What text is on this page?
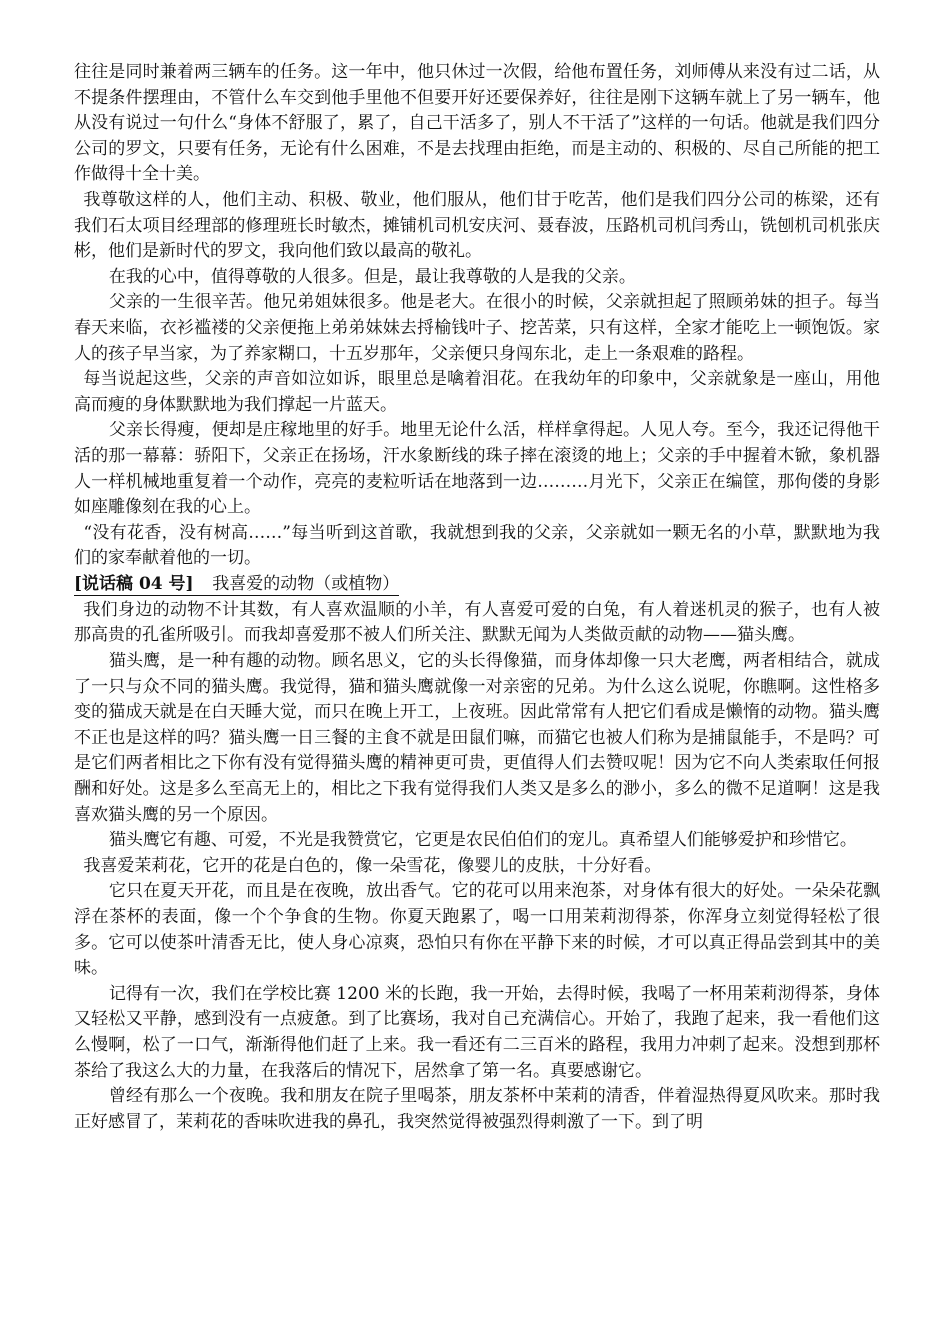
往往是同时兼着两三辆车的任务。这一年中，他只休过一次假，给他布置任务，刘师傅从来没有过二话，从不提条件摆理由，不管什么车交到他手里他不但要开好还要保养好，往往是刚下这辆车就上了另一辆车，他从没有说过一句什么“身体不舒服了，累了，自己干活多了，别人不干活了”这样的一句话。他就是我们四分公司的罗文，只要有任务，无论有什么困难，不是去找理由拒绝，而是主动的、积极的、尽自己所能的把工作做得十全十美。

我尊敬这样的人，他们主动、积极、敬业，他们服从，他们甘于吃苦，他们是我们四分公司的栋梁，还有我们石太项目经理部的修理班长时敏杰，摊铺机司机安庆河、聂春波，压路机司机闫秀山，铣刨机司机张庆彬，他们是新时代的罗文，我向他们致以最高的敬礼。

在我的心中，值得尊敬的人很多。但是，最让我尊敬的人是我的父亲。

父亲的一生很辛苦。他兄弟姐妹很多。他是老大。在很小的时候，父亲就担起了照顾弟妹的担子。每当春天来临，衣衫褴褛的父亲便拖上弟弟妹妹去捋榆钱叶子、挖苦菜，只有这样，全家才能吃上一顿饱饭。家人的孩子早当家，为了养家糊口，十五岁那年，父亲便只身闯东北，走上一条艰难的路程。

每当说起这些，父亲的声音如泣如诉，眼里总是噙着泪花。在我幼年的印象中，父亲就象是一座山，用他高而瘦的身体默默地为我们撑起一片蓝天。

父亲长得瘦，便却是庄稼地里的好手。地里无论什么活，样样拿得起。人见人夸。至今，我还记得他干活的那一幕幕：骄阳下，父亲正在扬场，汗水象断线的珠子摔在滚烫的地上；父亲的手中握着木锨，象机器人一样机械地重复着一个动作，亮亮的麦粒听话在地落到一边………月光下，父亲正在编筐，那佝偻的身影如座雕像刻在我的心上。

“没有花香，没有树高……”每当听到这首歌，我就想到我的父亲，父亲就如一颗无名的小草，默默地为我们的家奉献着他的一切。

[说话稿 04 号] 我喜爱的动物（或植物）

我们身边的动物不计其数，有人喜欢温顺的小羊，有人喜爱可爱的白兔，有人着迷机灵的猴子，也有人被那高贵的孔雀所吸引。而我却喜爱那不被人们所关注、默默无闻为人类做贡献的动物——猫头鹰。

猫头鹰，是一种有趣的动物。顾名思义，它的头长得像猫，而身体却像一只大老鹰，两者相结合，就成了一只与众不同的猫头鹰。我觉得，猫和猫头鹰就像一对亲密的兄弟。为什么这么说呢，你瞧啊。这性格多变的猫成天就是在白天睡大觉，而只在晚上开工，上夜班。因此常常有人把它们看成是懒惰的动物。猫头鹰不正也是这样的吗？猫头鹰一日三餐的主食不就是田鼠们嘛，而猫它也被人们称为是捕鼠能手，不是吗？可是它们两者相比之下你有没有觉得猫头鹰的精神更可贵，更值得人们去赞叹呢！因为它不向人类索取任何报酬和好处。这是多么至高无上的，相比之下我有觉得我们人类又是多么的渺小，多么的微不足道啊！这是我喜欢猫头鹰的另一个原因。

猫头鹰它有趣、可爱，不光是我赞赏它，它更是农民伯伯们的宠儿。真希望人们能够爱护和珍惜它。

我喜爱茉莉花，它开的花是白色的，像一朵雪花，像婴儿的皮肤，十分好看。

它只在夏天开花，而且是在夜晚，放出香气。它的花可以用来泡茶，对身体有很大的好处。一朵朵花飘浮在茶杯的表面，像一个个争食的生物。你夏天跑累了，喝一口用茉莉沏得茶，你浑身立刻觉得轻松了很多。它可以使茶叶清香无比，使人身心凉爽，恐怕只有你在平静下来的时候，才可以真正得品尝到其中的美味。

记得有一次，我们在学校比赛 1200 米的长跑，我一开始，去得时候，我喝了一杯用茉莉沏得茶，身体又轻松又平静，感到没有一点疲惫。到了比赛场，我对自己充满信心。开始了，我跑了起来，我一看他们这么慢啊，松了一口气，渐渐得他们赶了上来。我一看还有二三百米的路程，我用力冲刺了起来。没想到那杯茶给了我这么大的力量，在我落后的情况下，居然拿了第一名。真要感谢它。

曾经有那么一个夜晚。我和朋友在院子里喝茶，朋友茶杯中茉莉的清香，伴着湿热得夏风吹来。那时我正好感冒了，茉莉花的香味吹进我的鼻孔，我突然觉得被强烈得刺激了一下。到了明
